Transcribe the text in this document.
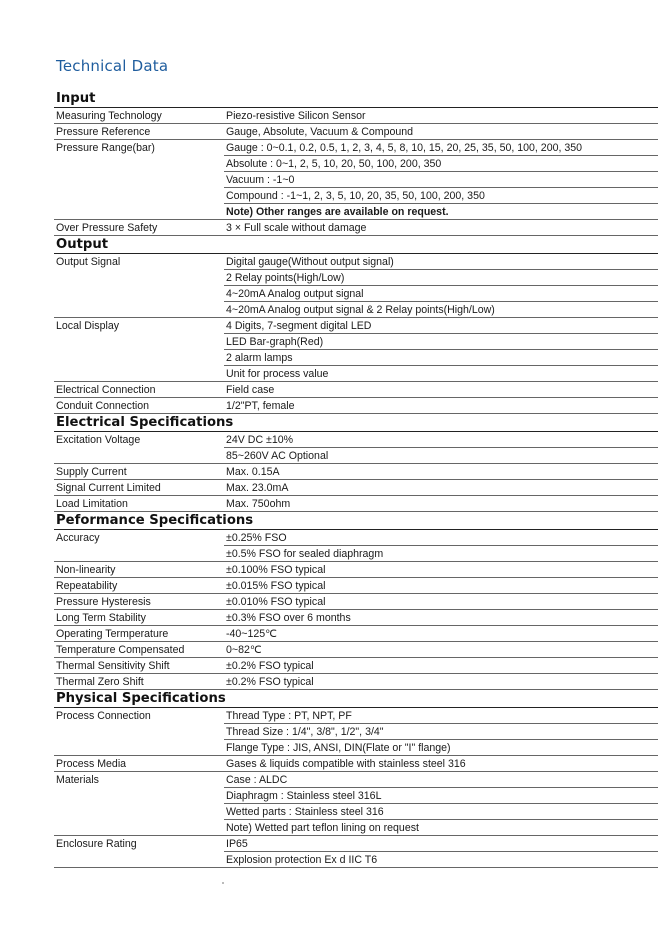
Technical Data
Input
Measuring Technology	Piezo-resistive Silicon Sensor
Pressure Reference	Gauge, Absolute, Vacuum & Compound
Pressure Range(bar)	Gauge : 0~0.1, 0.2, 0.5, 1, 2, 3, 4, 5, 8, 10, 15, 20, 25, 35, 50, 100, 200, 350
Absolute : 0~1, 2, 5, 10, 20, 50, 100, 200, 350
Vacuum : -1~0
Compound : -1~1, 2, 3, 5, 10, 20, 35, 50, 100, 200, 350
Note) Other ranges are available on request.
Over Pressure Safety	3 × Full scale without damage
Output
Output Signal	Digital gauge(Without output signal)
2 Relay points(High/Low)
4~20mA Analog output signal
4~20mA Analog output signal & 2 Relay points(High/Low)
Local Display	4 Digits, 7-segment digital LED
LED Bar-graph(Red)
2 alarm lamps
Unit for process value
Electrical Connection	Field case
Conduit Connection	1/2"PT, female
Electrical Specifications
Excitation Voltage	24V DC ±10%
85~260V AC Optional
Supply Current	Max. 0.15A
Signal Current Limited	Max. 23.0mA
Load Limitation	Max. 750ohm
Peformance Specifications
Accuracy	±0.25% FSO
±0.5% FSO for sealed diaphragm
Non-linearity	±0.100% FSO typical
Repeatability	±0.015% FSO typical
Pressure Hysteresis	±0.010% FSO typical
Long Term Stability	±0.3% FSO over 6 months
Operating Termperature	-40~125℃
Temperature Compensated	0~82℃
Thermal Sensitivity Shift	±0.2% FSO typical
Thermal Zero Shift	±0.2% FSO typical
Physical Specifications
Process Connection	Thread Type : PT, NPT, PF
Thread Size : 1/4", 3/8", 1/2", 3/4"
Flange Type : JIS, ANSI, DIN(Flate or "I" flange)
Process Media	Gases & liquids compatible with stainless steel 316
Materials	Case : ALDC
Diaphragm : Stainless steel 316L
Wetted parts : Stainless steel 316
Note) Wetted part teflon lining on request
Enclosure Rating	IP65
Explosion protection Ex d IIC T6
